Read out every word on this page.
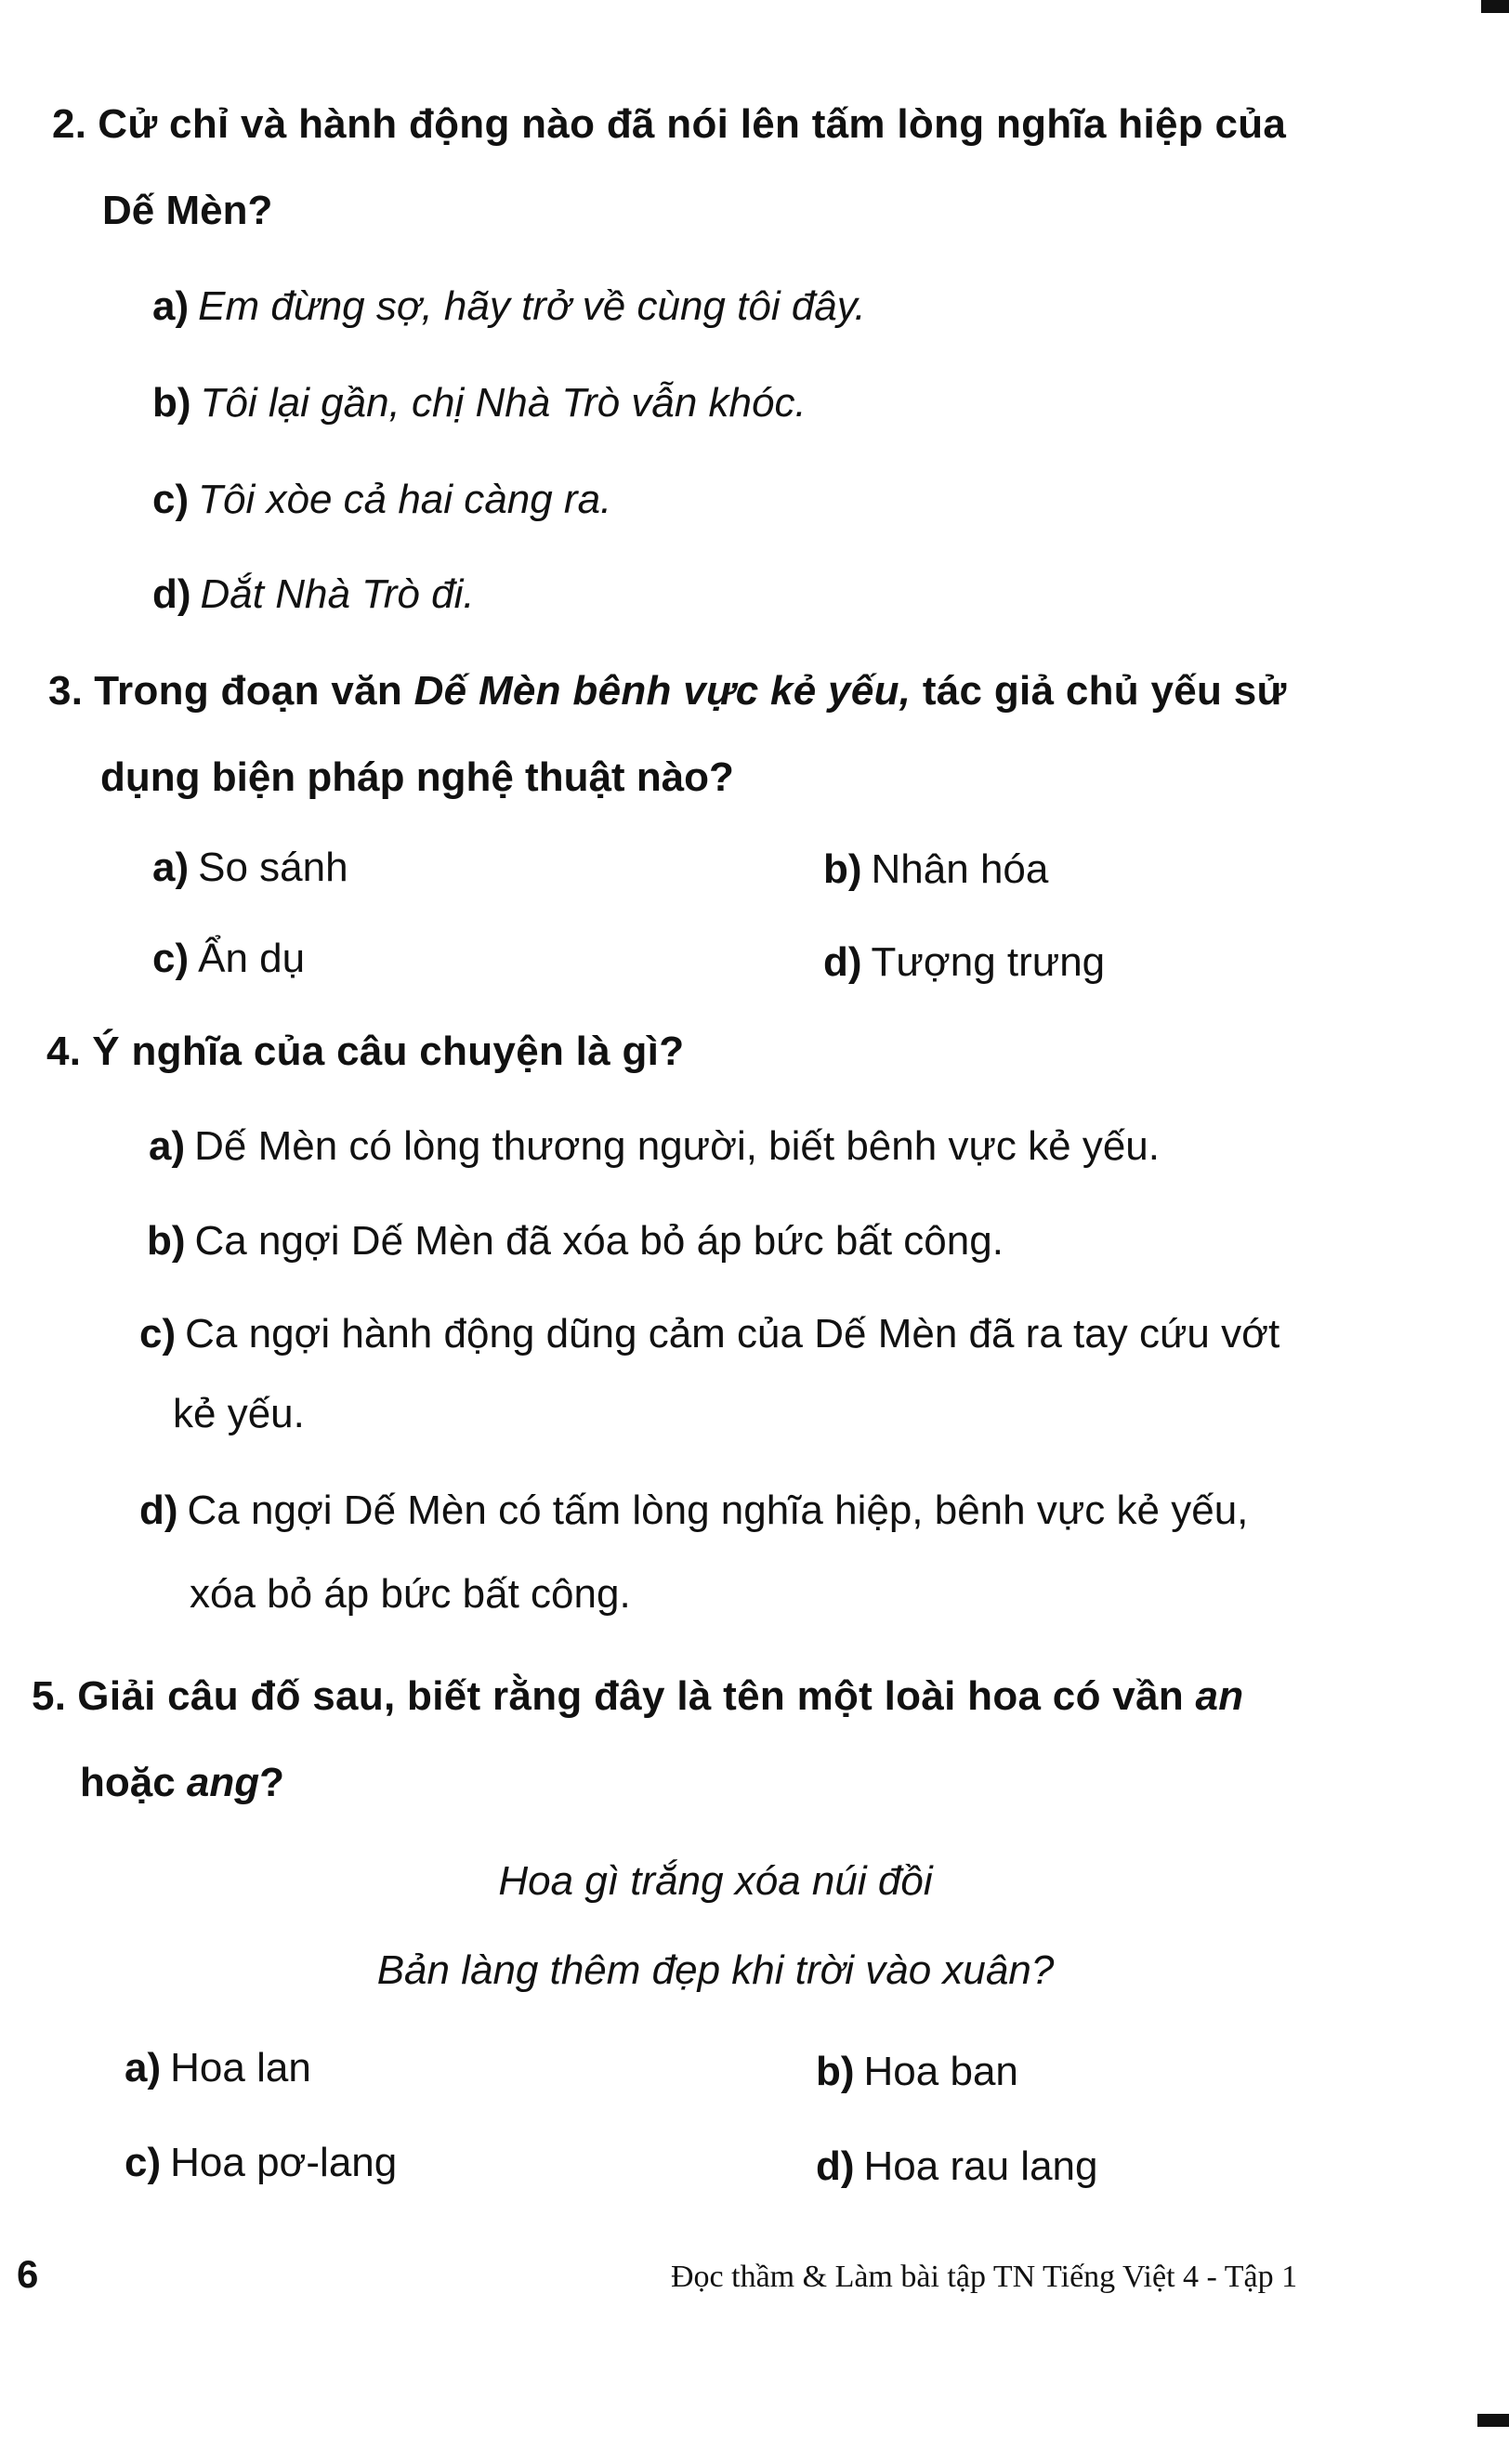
2. Cử chỉ và hành động nào đã nói lên tấm lòng nghĩa hiệp của
Dế Mèn?
a) Em đừng sợ, hãy trở về cùng tôi đây.
b) Tôi lại gần, chị Nhà Trò vẫn khóc.
c) Tôi xòe cả hai càng ra.
d) Dắt Nhà Trò đi.
3. Trong đoạn văn Dế Mèn bênh vực kẻ yếu, tác giả chủ yếu sử
dụng biện pháp nghệ thuật nào?
a) So sánh	b) Nhân hóa
c) Ẩn dụ	d) Tượng trưng
4. Ý nghĩa của câu chuyện là gì?
a) Dế Mèn có lòng thương người, biết bênh vực kẻ yếu.
b) Ca ngợi Dế Mèn đã xóa bỏ áp bức bất công.
c) Ca ngợi hành động dũng cảm của Dế Mèn đã ra tay cứu vớt
kẻ yếu.
d) Ca ngợi Dế Mèn có tấm lòng nghĩa hiệp, bênh vực kẻ yếu,
xóa bỏ áp bức bất công.
5. Giải câu đố sau, biết rằng đây là tên một loài hoa có vần an
hoặc ang?
Hoa gì trắng xóa núi đồi
Bản làng thêm đẹp khi trời vào xuân?
a) Hoa lan	b) Hoa ban
c) Hoa pơ-lang	d) Hoa rau lang
6	Đọc thầm & Làm bài tập TN Tiếng Việt 4 - Tập 1
